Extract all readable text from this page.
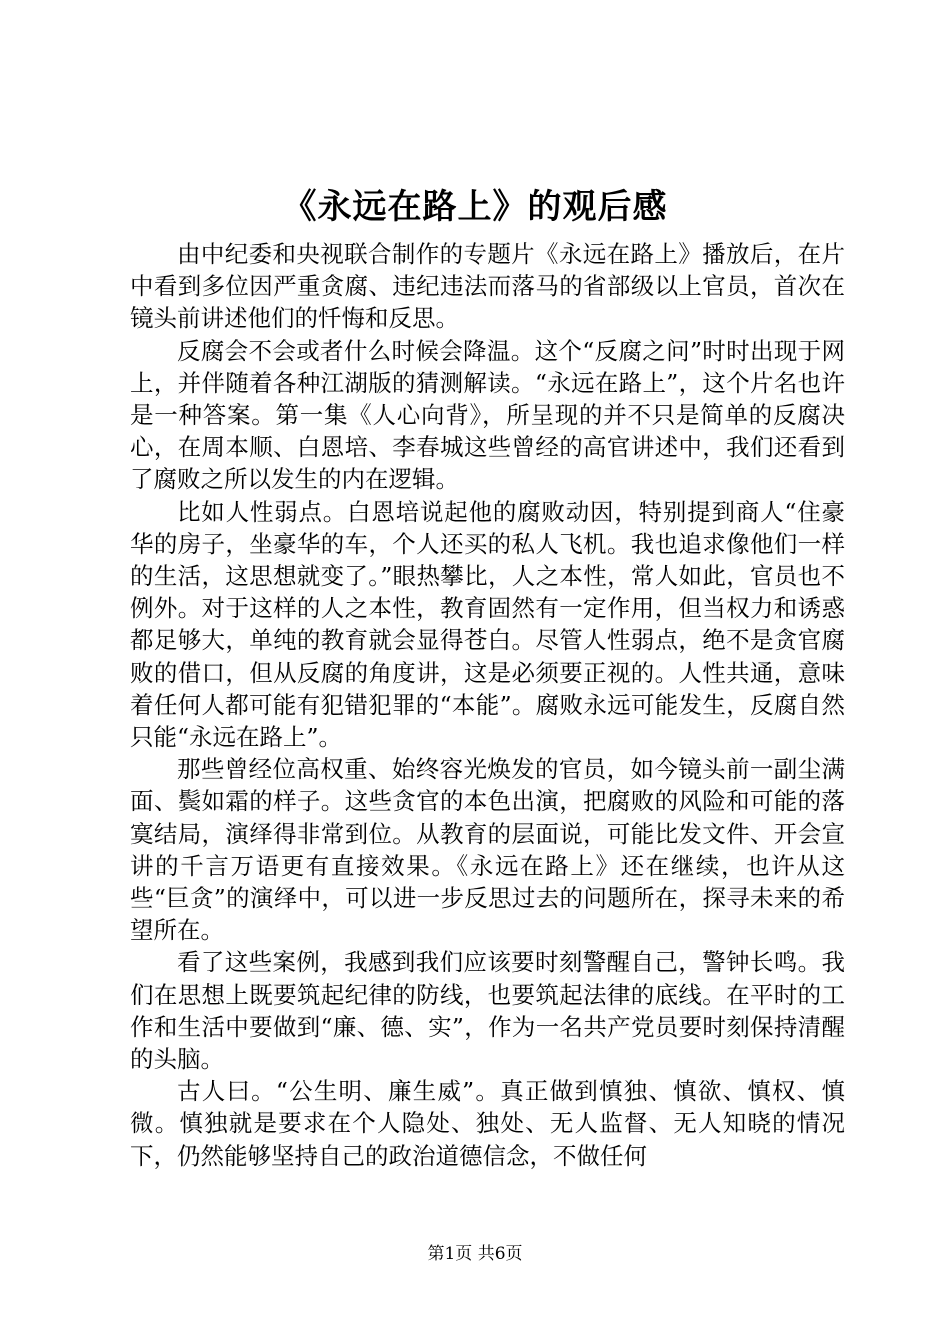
《永远在路上》的观后感

由中纪委和央视联合制作的专题片《永远在路上》播放后，在片中看到多位因严重贪腐、违纪违法而落马的省部级以上官员，首次在镜头前讲述他们的忏悔和反思。

反腐会不会或者什么时候会降温。这个“反腐之问”时时出现于网上，并伴随着各种江湖版的猜测解读。“永远在路上”，这个片名也许是一种答案。第一集《人心向背》，所呈现的并不只是简单的反腐决心，在周本顺、白恩培、李春城这些曾经的高官讲述中，我们还看到了腐败之所以发生的内在逻辑。

比如人性弱点。白恩培说起他的腐败动因，特别提到商人“住豪华的房子，坐豪华的车，个人还买的私人飞机。我也追求像他们一样的生活，这思想就变了。”眼热攀比，人之本性，常人如此，官员也不例外。对于这样的人之本性，教育固然有一定作用，但当权力和诱惑都足够大，单纯的教育就会显得苍白。尽管人性弱点，绝不是贪官腐败的借口，但从反腐的角度讲，这是必须要正视的。人性共通，意味着任何人都可能有犯错犯罪的“本能”。腐败永远可能发生，反腐自然只能“永远在路上”。

那些曾经位高权重、始终容光焕发的官员，如今镜头前一副尘满面、鬓如霜的样子。这些贪官的本色出演，把腐败的风险和可能的落寞结局，演绎得非常到位。从教育的层面说，可能比发文件、开会宣讲的千言万语更有直接效果。《永远在路上》还在继续，也许从这些“巨贪”的演绎中，可以进一步反思过去的问题所在，探寻未来的希望所在。

看了这些案例，我感到我们应该要时刻警醒自己，警钟长鸣。我们在思想上既要筑起纪律的防线，也要筑起法律的底线。在平时的工作和生活中要做到“廉、德、实”，作为一名共产党员要时刻保持清醒的头脑。

古人曰。“公生明、廉生威”。真正做到慎独、慎欲、慎权、慎微。慎独就是要求在个人隐处、独处、无人监督、无人知晓的情况下，仍然能够坚持自己的政治道德信念，不做任何

第1页 共6页
